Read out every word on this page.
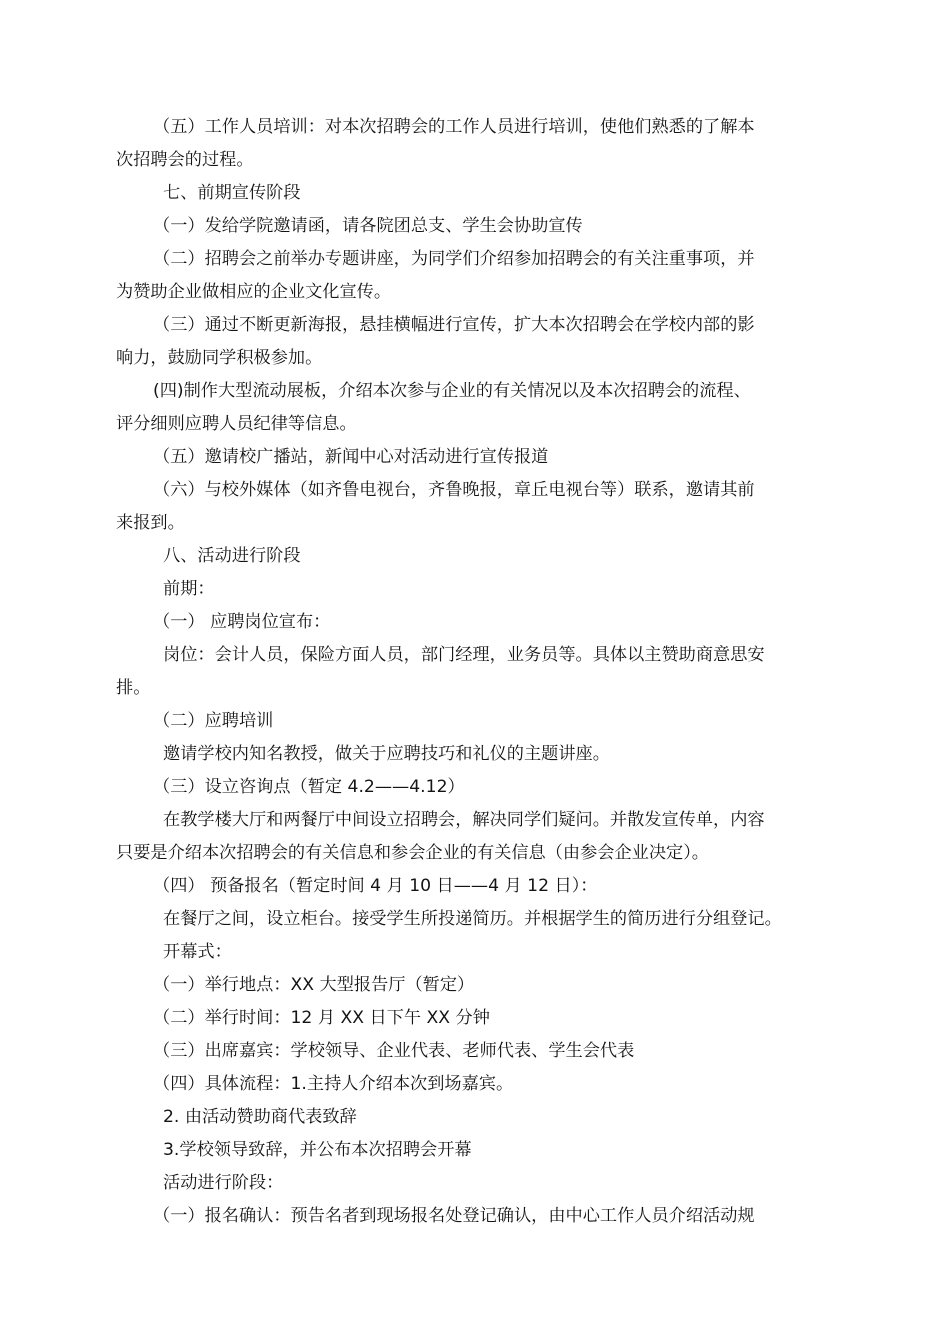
（五）工作人员培训：对本次招聘会的工作人员进行培训，使他们熟悉的了解本
次招聘会的过程。
七、前期宣传阶段
（一）发给学院邀请函，请各院团总支、学生会协助宣传
（二）招聘会之前举办专题讲座，为同学们介绍参加招聘会的有关注重事项，并
为赞助企业做相应的企业文化宣传。
（三）通过不断更新海报，悬挂横幅进行宣传，扩大本次招聘会在学校内部的影
响力，鼓励同学积极参加。
(四)制作大型流动展板，介绍本次参与企业的有关情况以及本次招聘会的流程、
评分细则应聘人员纪律等信息。
（五）邀请校广播站，新闻中心对活动进行宣传报道
（六）与校外媒体（如齐鲁电视台，齐鲁晚报，章丘电视台等）联系，邀请其前
来报到。
八、活动进行阶段
前期：
（一） 应聘岗位宣布：
岗位：会计人员，保险方面人员，部门经理，业务员等。具体以主赞助商意思安
排。
（二）应聘培训
邀请学校内知名教授，做关于应聘技巧和礼仪的主题讲座。
（三）设立咨询点（暂定 4.2——4.12）
在教学楼大厅和两餐厅中间设立招聘会，解决同学们疑问。并散发宣传单，内容
只要是介绍本次招聘会的有关信息和参会企业的有关信息（由参会企业决定）。
（四） 预备报名（暂定时间 4 月 10 日——4 月 12 日）：
在餐厅之间，设立柜台。接受学生所投递简历。并根据学生的简历进行分组登记。
开幕式：
（一）举行地点：XX 大型报告厅（暂定）
（二）举行时间：12 月 XX 日下午 XX 分钟
（三）出席嘉宾：学校领导、企业代表、老师代表、学生会代表
（四）具体流程：1.主持人介绍本次到场嘉宾。
2. 由活动赞助商代表致辞
3.学校领导致辞，并公布本次招聘会开幕
活动进行阶段：
（一）报名确认：预告名者到现场报名处登记确认，由中心工作人员介绍活动规
